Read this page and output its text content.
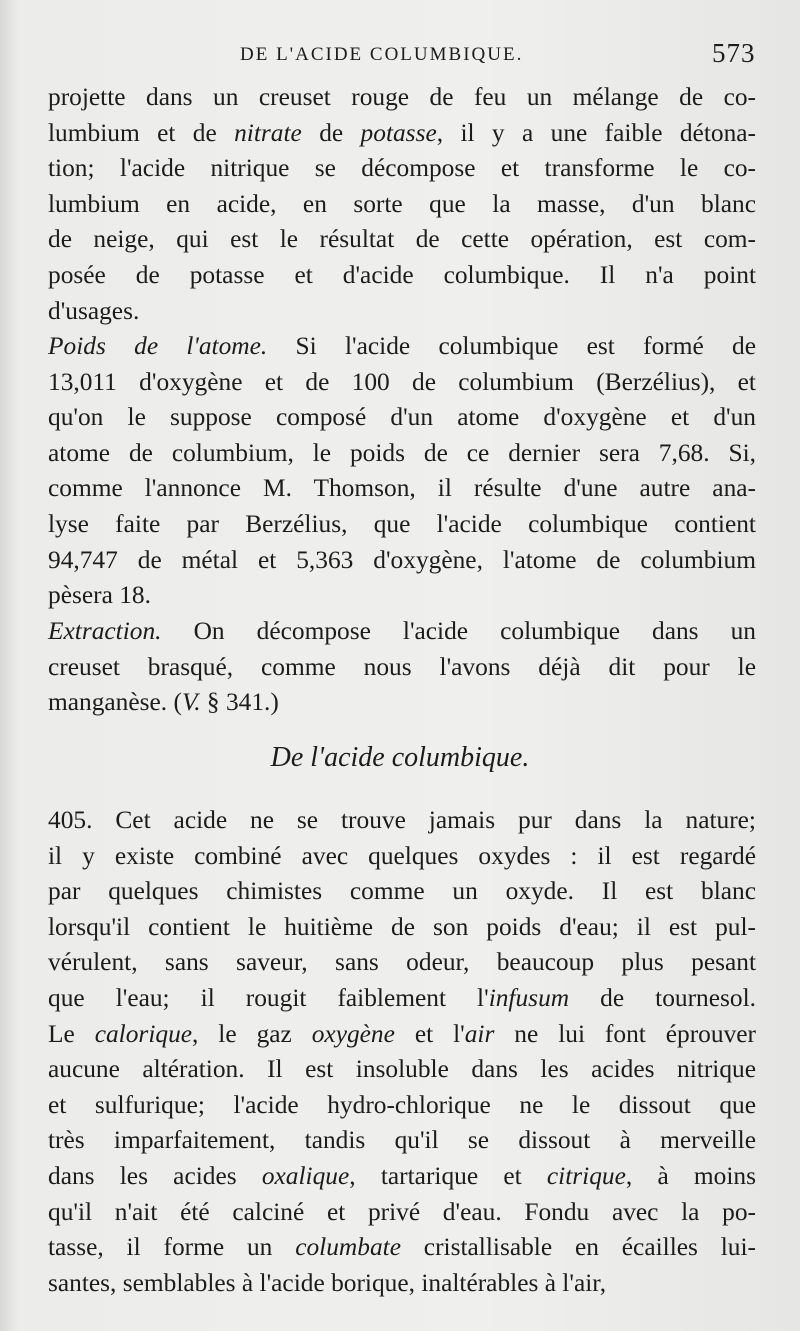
DE L'ACIDE COLUMBIQUE.	573
projette dans un creuset rouge de feu un mélange de co-
lumbium et de nitrate de potasse, il y a une faible détona-
tion; l'acide nitrique se décompose et transforme le co-
lumbium en acide, en sorte que la masse, d'un blanc
de neige, qui est le résultat de cette opération, est com-
posée de potasse et d'acide columbique. Il n'a point
d'usages.
Poids de l'atome. Si l'acide columbique est formé de
13,011 d'oxygène et de 100 de columbium (Berzélius), et
qu'on le suppose composé d'un atome d'oxygène et d'un
atome de columbium, le poids de ce dernier sera 7,68. Si,
comme l'annonce M. Thomson, il résulte d'une autre ana-
lyse faite par Berzélius, que l'acide columbique contient
94,747 de métal et 5,363 d'oxygène, l'atome de columbium
pèsera 18.
Extraction. On décompose l'acide columbique dans un
creuset brasqué, comme nous l'avons déjà dit pour le
manganèse. (V. § 341.)
De l'acide columbique.
405. Cet acide ne se trouve jamais pur dans la nature;
il y existe combiné avec quelques oxydes : il est regardé
par quelques chimistes comme un oxyde. Il est blanc
lorsqu'il contient le huitième de son poids d'eau; il est pul-
vérulent, sans saveur, sans odeur, beaucoup plus pesant
que l'eau; il rougit faiblement l'infusum de tournesol.
Le calorique, le gaz oxygène et l'air ne lui font éprouver
aucune altération. Il est insoluble dans les acides nitrique
et sulfurique; l'acide hydro-chlorique ne le dissout que
très imparfaitement, tandis qu'il se dissout à merveille
dans les acides oxalique, tartarique et citrique, à moins
qu'il n'ait été calciné et privé d'eau. Fondu avec la po-
tasse, il forme un columbate cristallisable en écailles lui-
santes, semblables à l'acide borique, inaltérables à l'air,
